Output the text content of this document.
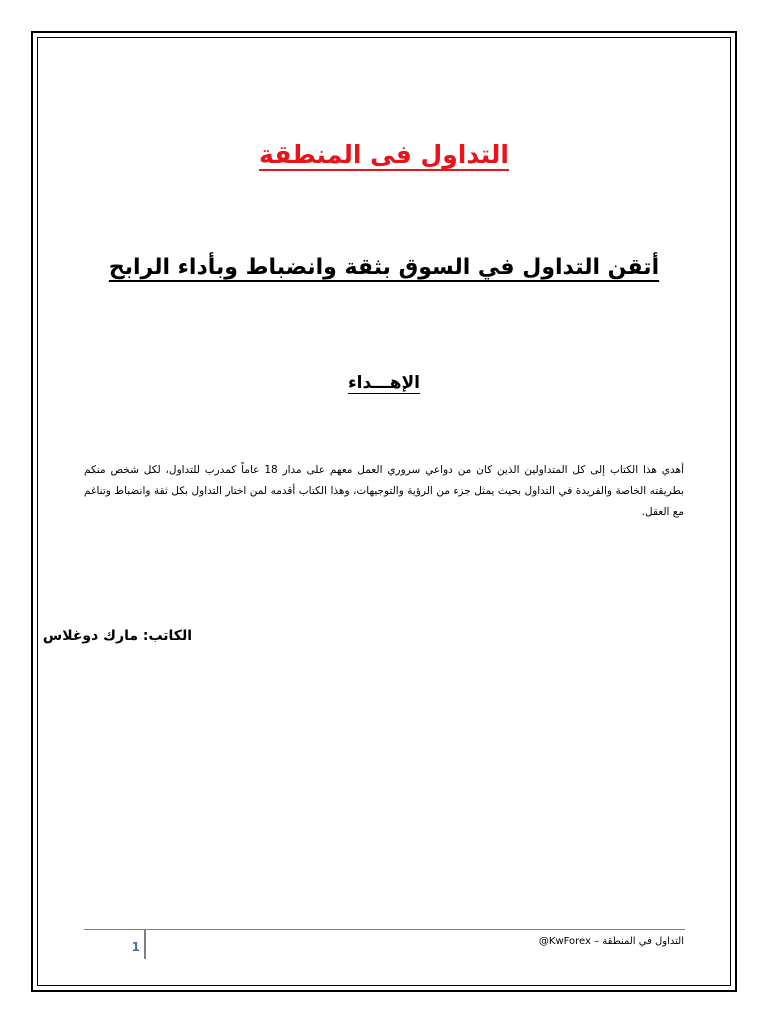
التداول فى المنطقة
أتقن التداول في السوق بثقة وانضباط وبأداء الرابح
الإهـــداء
أهدي هذا الكتاب إلى كل المتداولين الذين كان من دواعي سروري العمل معهم على مدار 18 عاماً كمدرب للتداول، لكل شخص منكم بطريقته الخاصة والفريدة في التداول بحيث يمثل جزء من الرؤية والتوجيهات، وهذا الكتاب أقدمه لمن اختار التداول بكل ثقة وانضباط وتناغم مع العقل.
الكاتب: مارك دوغلاس
1	التداول في المنطقة – KwForex@
